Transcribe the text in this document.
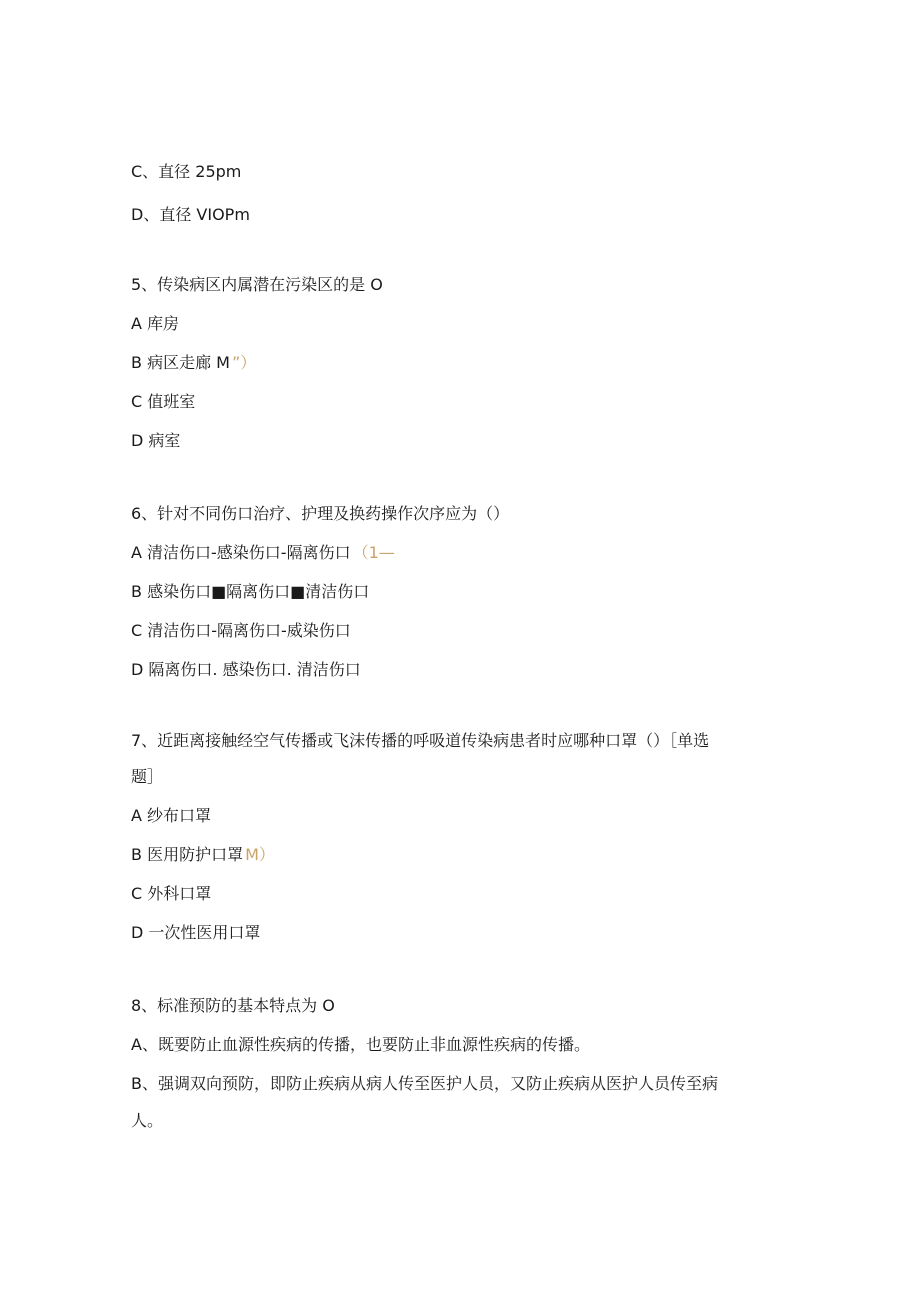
C、直径 25pm
D、直径 VIOPm
5、传染病区内属潜在污染区的是 O
A 库房
B 病区走廊 M ”）
C 值班室
D 病室
6、针对不同伤口治疗、护理及换药操作次序应为（）
A 清洁伤口-感染伤口-隔离伤口 （1—
B 感染伤口■隔离伤口■清洁伤口
C 清洁伤口-隔离伤口-威染伤口
D 隔离伤口. 感染伤口. 清洁伤口
7、近距离接触经空气传播或飞沫传播的呼吸道传染病患者时应哪种口罩（）［单选
题］
A 纱布口罩
B 医用防护口罩 M）
C 外科口罩
D 一次性医用口罩
8、标准预防的基本特点为 O
A、既要防止血源性疾病的传播，也要防止非血源性疾病的传播。
B、强调双向预防，即防止疾病从病人传至医护人员，又防止疾病从医护人员传至病
人。
